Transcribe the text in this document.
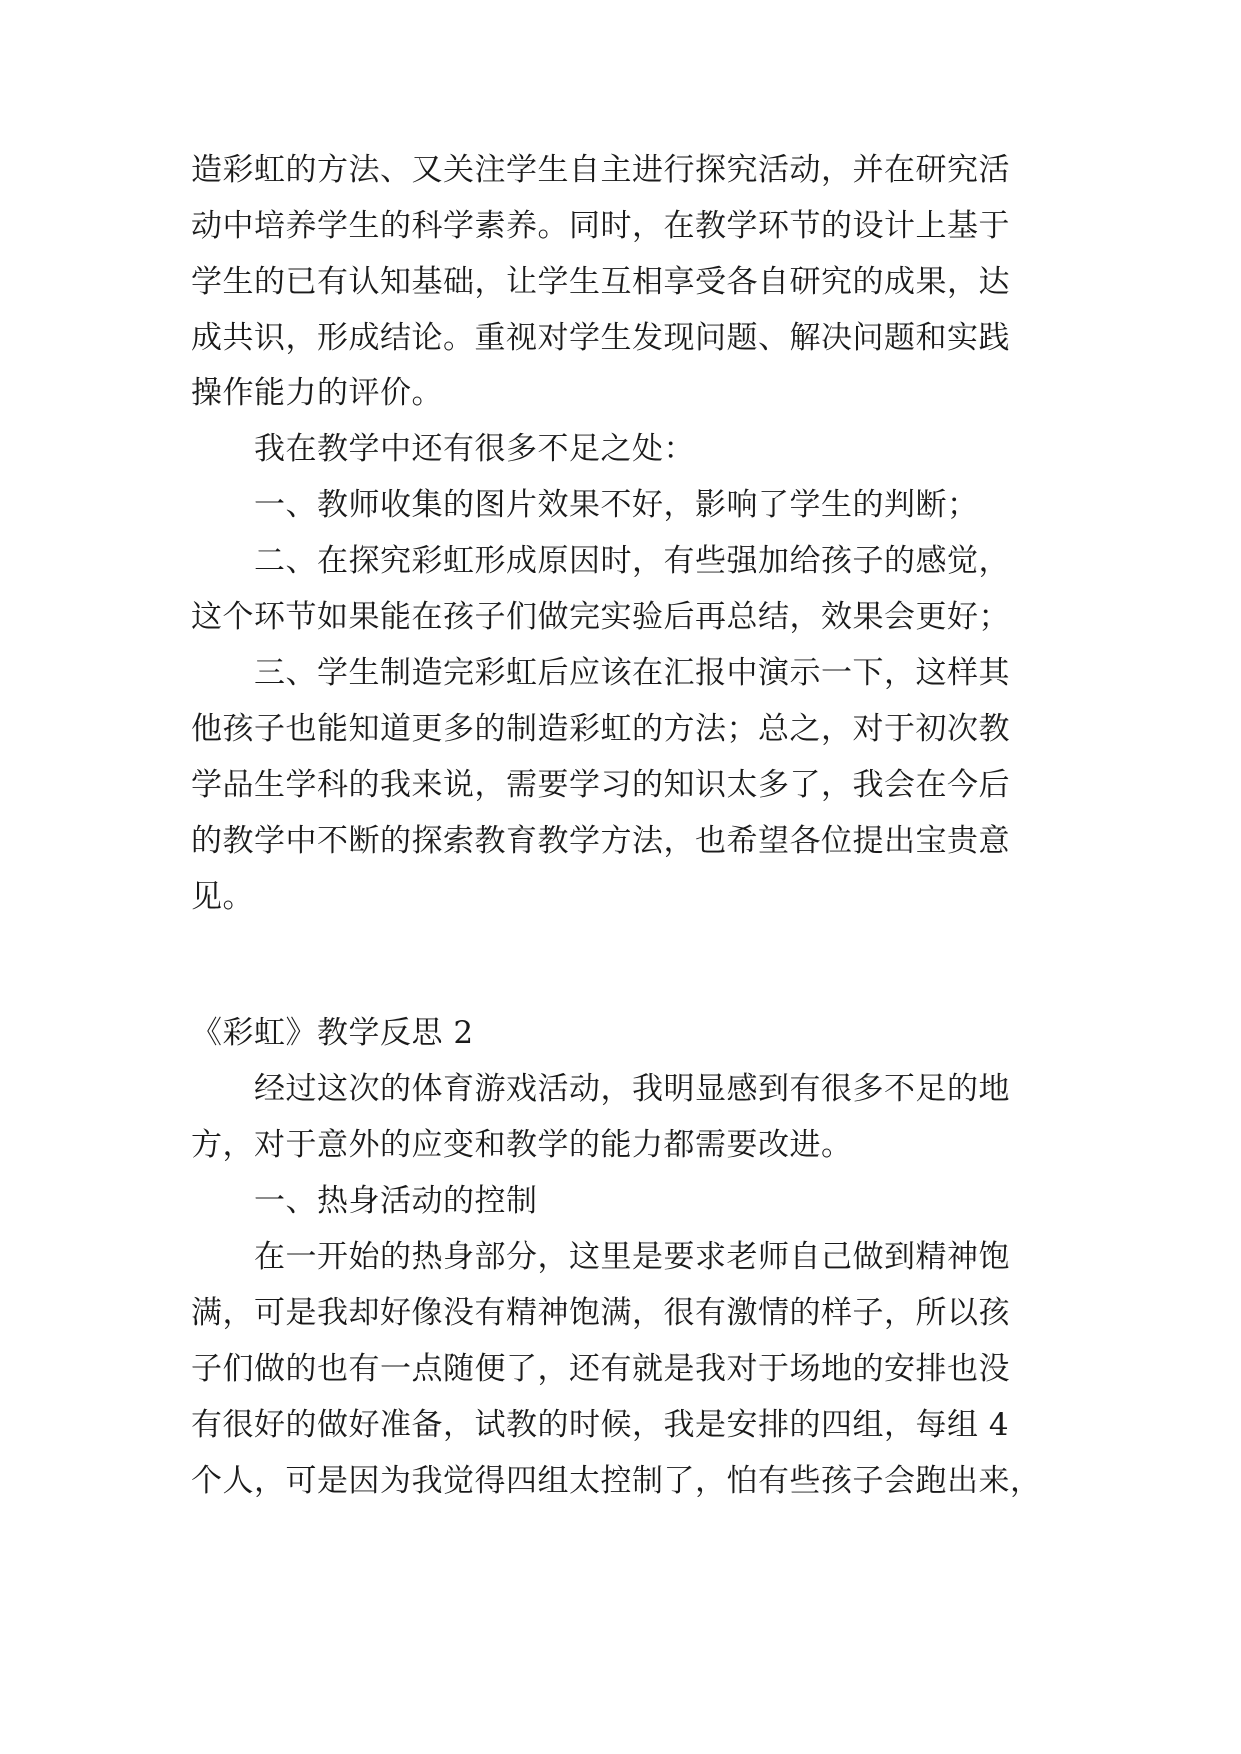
造彩虹的方法、又关注学生自主进行探究活动，并在研究活
动中培养学生的科学素养。同时，在教学环节的设计上基于
学生的已有认知基础，让学生互相享受各自研究的成果，达
成共识，形成结论。重视对学生发现问题、解决问题和实践
操作能力的评价。
我在教学中还有很多不足之处：
一、教师收集的图片效果不好，影响了学生的判断；
二、在探究彩虹形成原因时，有些强加给孩子的感觉，
这个环节如果能在孩子们做完实验后再总结，效果会更好；
三、学生制造完彩虹后应该在汇报中演示一下，这样其
他孩子也能知道更多的制造彩虹的方法；总之，对于初次教
学品生学科的我来说，需要学习的知识太多了，我会在今后
的教学中不断的探索教育教学方法，也希望各位提出宝贵意
见。
《彩虹》教学反思 2
经过这次的体育游戏活动，我明显感到有很多不足的地
方，对于意外的应变和教学的能力都需要改进。
一、热身活动的控制
在一开始的热身部分，这里是要求老师自己做到精神饱
满，可是我却好像没有精神饱满，很有激情的样子，所以孩
子们做的也有一点随便了，还有就是我对于场地的安排也没
有很好的做好准备，试教的时候，我是安排的四组，每组 4
个人，可是因为我觉得四组太控制了，怕有些孩子会跑出来，
